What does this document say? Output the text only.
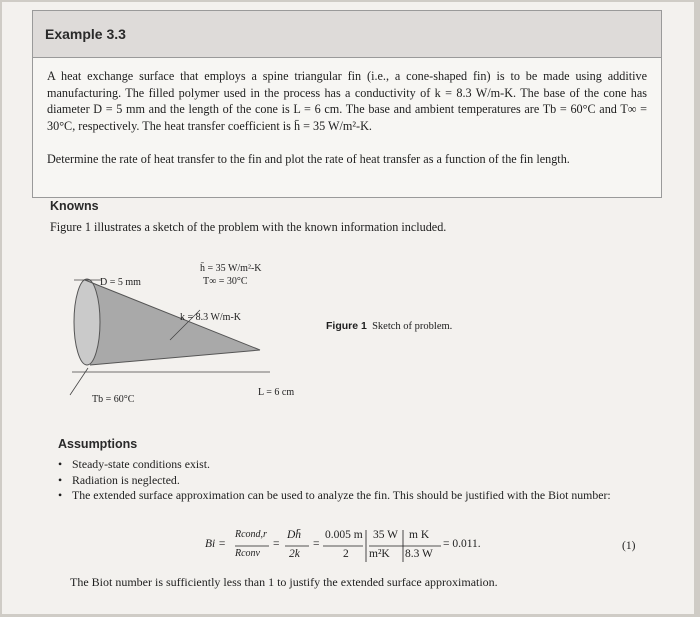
Example 3.3
A heat exchange surface that employs a spine triangular fin (i.e., a cone-shaped fin) is to be made using additive manufacturing. The filled polymer used in the process has a conductivity of k = 8.3 W/m-K. The base of the cone has diameter D = 5 mm and the length of the cone is L = 6 cm. The base and ambient temperatures are Tb = 60°C and T∞ = 30°C, respectively. The heat transfer coefficient is h̄ = 35 W/m²-K.
Determine the rate of heat transfer to the fin and plot the rate of heat transfer as a function of the fin length.
Knowns
Figure 1 illustrates a sketch of the problem with the known information included.
D = 5 mm
h̄ = 35 W/m²-K
T∞ = 30°C
k = 8.3 W/m-K
L = 6 cm
Tb = 60°C
Figure 1 Sketch of problem.
Assumptions
• Steady-state conditions exist.
• Radiation is neglected.
• The extended surface approximation can be used to analyze the fin. This should be justified with the Biot number:
Bi =
Rcond,r
Rconv
=
Dh̄
2k
=
0.005 m
2
35 W
m²K
m K
8.3 W
= 0.011.	(1)
The Biot number is sufficiently less than 1 to justify the extended surface approximation.
